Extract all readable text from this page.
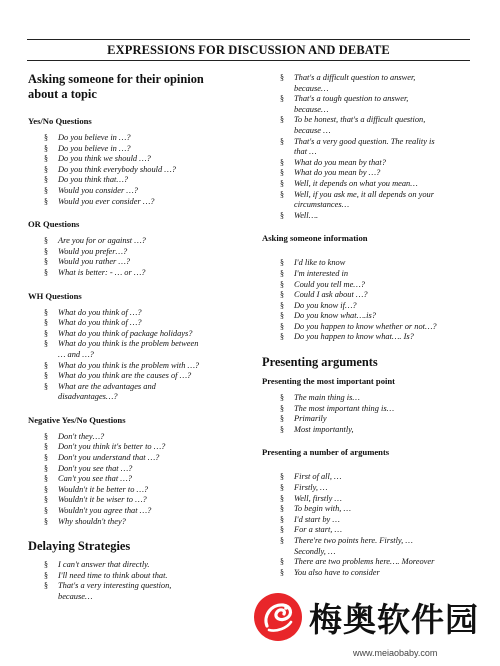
EXPRESSIONS FOR DISCUSSION AND DEBATE
Asking someone for their opinion
about a topic
Yes/No Questions
§	Do you believe in …?
§	Do you believe in …?
§	Do you think we should …?
§	Do you think everybody should …?
§	Do you think that…?
§	Would you consider …?
§	Would you ever consider …?
OR Questions
§	Are you for or against …?
§	Would you prefer…?
§	Would you rather …?
§	What is better: - … or …?
WH Questions
§	What do you think of …?
§	What do you think of …?
§	What do you think of package holidays?
§	What do you think is the problem between
… and …?
§	What do you think is the problem with …?
§	What do you think are the causes of …?
§	What are the advantages and
disadvantages…?
Negative Yes/No Questions
§	Don't they…?
§	Don't you think it's better to …?
§	Don't you understand that …?
§	Don't you see that …?
§	Can't you see that …?
§	Wouldn't it be better to …?
§	Wouldn't it be wiser to …?
§	Wouldn't you agree that …?
§	Why shouldn't they?
Delaying Strategies
§	I can't answer that directly.
§	I'll need time to think about that.
§	That's a very interesting question,
because…
§	That's a difficult question to answer,
because…
§	That's a tough question to answer,
because…
§	To be honest, that's a difficult question,
because …
§	That's a very good question. The reality is
that …
§	What do you mean by that?
§	What do you mean by …?
§	Well, it depends on what you mean…
§	Well, if you ask me, it all depends on your
circumstances…
§	Well….
Asking someone information
§	I'd like to know
§	I'm interested in
§	Could you tell me…?
§	Could I ask about …?
§	Do you know if…?
§	Do you know what….is?
§	Do you happen to know whether or not…?
§	Do you happen to know what…. Is?
Presenting arguments
Presenting the most important point
§	The main thing is…
§	The most important thing is…
§	Primarily
§	Most importantly,
Presenting a number of arguments
§	First of all, …
§	Firstly, …
§	Well, firstly …
§	To begin with, …
§	I'd start by …
§	For a start, …
§	There're two points here. Firstly, …
Secondly, …
§	There are two problems here…. Moreover
§	You also have to consider
梅奥软件园
www.meiaobaby.com
